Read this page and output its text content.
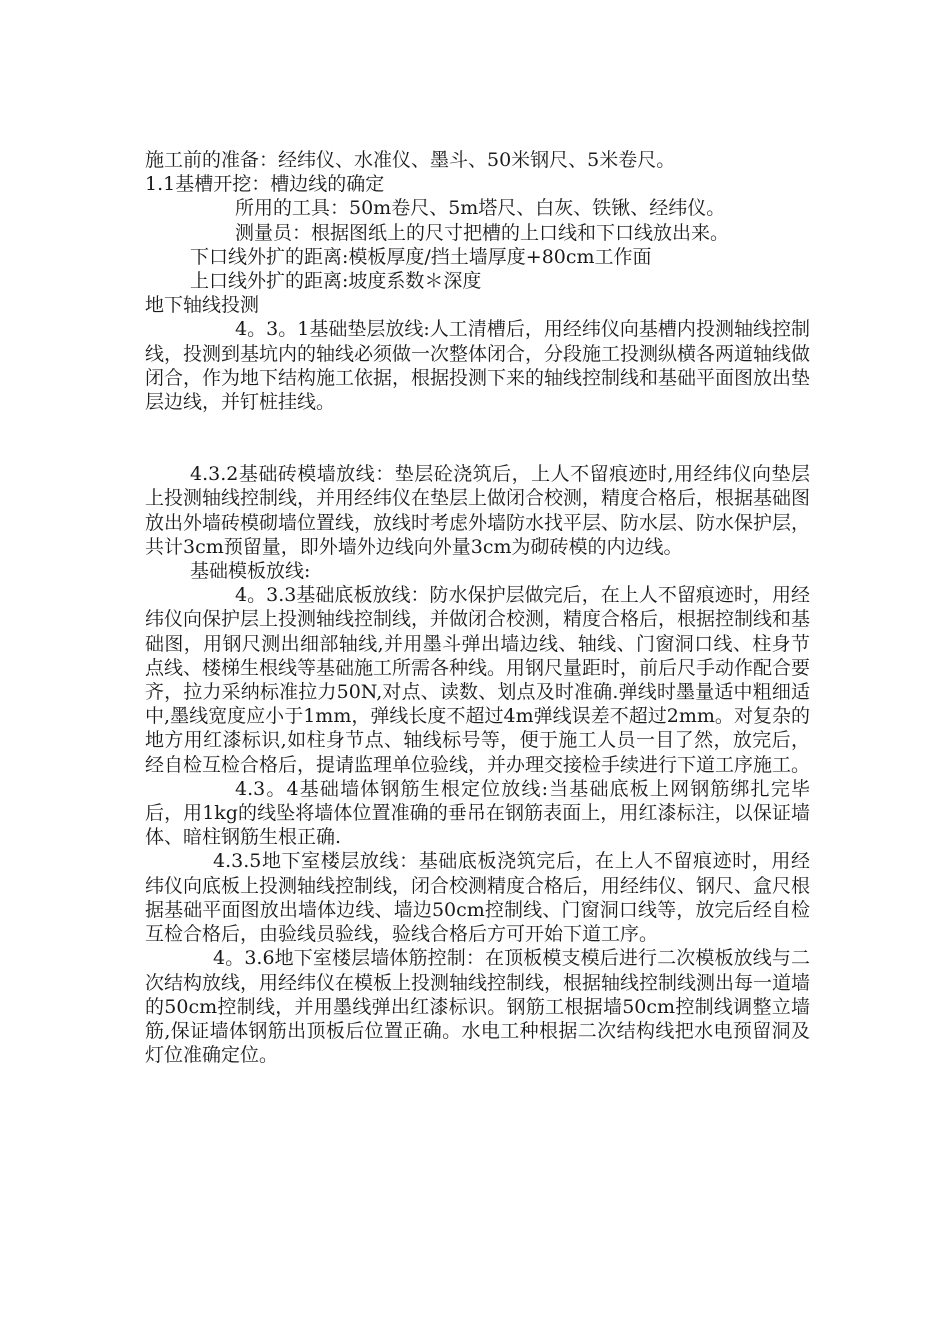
施工前的准备：经纬仪、水准仪、墨斗、50米钢尺、5米卷尺。

1.1基槽开挖：槽边线的确定

所用的工具：50m卷尺、5m塔尺、白灰、铁锹、经纬仪。

测量员：根据图纸上的尺寸把槽的上口线和下口线放出来。

下口线外扩的距离:模板厚度/挡土墙厚度+80cm工作面

上口线外扩的距离:坡度系数＊深度

地下轴线投测

4。3。1基础垫层放线:人工清槽后，用经纬仪向基槽内投测轴线控制线，投测到基坑内的轴线必须做一次整体闭合，分段施工投测纵横各两道轴线做闭合，作为地下结构施工依据，根据投测下来的轴线控制线和基础平面图放出垫层边线，并钉桩挂线。

4.3.2基础砖模墙放线：垫层砼浇筑后，上人不留痕迹时,用经纬仪向垫层上投测轴线控制线，并用经纬仪在垫层上做闭合校测，精度合格后，根据基础图放出外墙砖模砌墙位置线，放线时考虑外墙防水找平层、防水层、防水保护层，共计3cm预留量，即外墙外边线向外量3cm为砌砖模的内边线。

基础模板放线:

4。3.3基础底板放线：防水保护层做完后，在上人不留痕迹时，用经纬仪向保护层上投测轴线控制线，并做闭合校测，精度合格后，根据控制线和基础图，用钢尺测出细部轴线,并用墨斗弹出墙边线、轴线、门窗洞口线、柱身节点线、楼梯生根线等基础施工所需各种线。用钢尺量距时，前后尺手动作配合要齐，拉力采纳标准拉力50N,对点、读数、划点及时准确.弹线时墨量适中粗细适中,墨线宽度应小于1mm，弹线长度不超过4m弹线误差不超过2mm。对复杂的地方用红漆标识,如柱身节点、轴线标号等，便于施工人员一目了然，放完后，经自检互检合格后，提请监理单位验线，并办理交接检手续进行下道工序施工。

4.3。4基础墙体钢筋生根定位放线:当基础底板上网钢筋绑扎完毕后，用1kg的线坠将墙体位置准确的垂吊在钢筋表面上，用红漆标注，以保证墙体、暗柱钢筋生根正确.

4.3.5地下室楼层放线：基础底板浇筑完后，在上人不留痕迹时，用经纬仪向底板上投测轴线控制线，闭合校测精度合格后，用经纬仪、钢尺、盒尺根据基础平面图放出墙体边线、墙边50cm控制线、门窗洞口线等，放完后经自检互检合格后，由验线员验线，验线合格后方可开始下道工序。

4。3.6地下室楼层墙体筋控制：在顶板模支模后进行二次模板放线与二次结构放线，用经纬仪在模板上投测轴线控制线，根据轴线控制线测出每一道墙的50cm控制线，并用墨线弹出红漆标识。钢筋工根据墙50cm控制线调整立墙筋,保证墙体钢筋出顶板后位置正确。水电工种根据二次结构线把水电预留洞及灯位准确定位。
